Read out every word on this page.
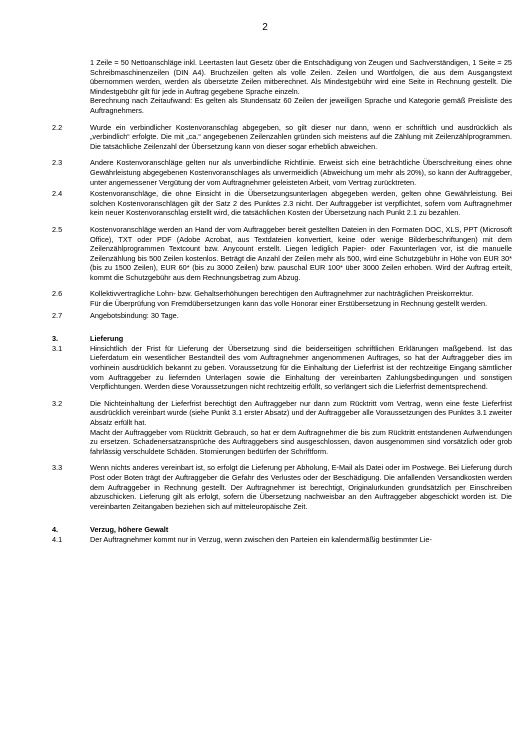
2

1 Zeile = 50 Nettoanschläge inkl. Leertasten laut Gesetz über die Entschädigung von Zeugen und Sachverständigen, 1 Seite = 25 Schreibmaschinenzeilen (DIN A4). Bruchzeilen gelten als volle Zeilen. Zeilen und Wortfolgen, die aus dem Ausgangstext übernommen werden, werden als übersetzte Zeilen mitberechnet. Als Mindestgebühr wird eine Seite in Rechnung gestellt. Die Mindestgebühr gilt für jede in Auftrag gegebene Sprache einzeln.

Berechnung nach Zeitaufwand: Es gelten als Stundensatz 60 Zeilen der jeweiligen Sprache und Kategorie gemäß Preisliste des Auftragnehmers.

2.2	Wurde ein verbindlicher Kostenvoranschlag abgegeben, so gilt dieser nur dann, wenn er schriftlich und ausdrücklich als „verbindlich“ erfolgte. Die mit „ca.“ angegebenen Zeilenzahlen gründen sich meistens auf die Zählung mit Zeilenzählprogrammen. Die tatsächliche Zeilenzahl der Übersetzung kann von dieser sogar erheblich abweichen.

2.3	Andere Kostenvoranschläge gelten nur als unverbindliche Richtlinie. Erweist sich eine beträchtliche Überschreitung eines ohne Gewährleistung abgegebenen Kostenvoranschlages als unvermeidlich (Abweichung um mehr als 20%), so kann der Auftraggeber, unter angemessener Vergütung der vom Auftragnehmer geleisteten Arbeit, vom Vertrag zurücktreten.

2.4	Kostenvoranschläge, die ohne Einsicht in die Übersetzungsunterlagen abgegeben werden, gelten ohne Gewährleistung. Bei solchen Kostenvoranschlägen gilt der Satz 2 des Punktes 2.3 nicht. Der Auftraggeber ist verpflichtet, sofern vom Auftragnehmer kein neuer Kostenvoranschlag erstellt wird, die tatsächlichen Kosten der Übersetzung nach Punkt 2.1 zu bezahlen.

2.5	Kostenvoranschläge werden an Hand der vom Auftraggeber bereit gestellten Dateien in den Formaten DOC, XLS, PPT (Microsoft Office), TXT oder PDF (Adobe Acrobat, aus Textdateien konvertiert, keine oder wenige Bilderbeschriftungen) mit dem Zeilenzählprogrammen Textcount bzw. Anycount erstellt. Liegen lediglich Papier- oder Faxunterlagen vor, ist die manuelle Zeilenzählung bis 500 Zeilen kostenlos. Beträgt die Anzahl der Zeilen mehr als 500, wird eine Schutzgebühr in Höhe von EUR 30* (bis zu 1500 Zeilen), EUR 60* (bis zu 3000 Zeilen) bzw. pauschal EUR 100* über 3000 Zeilen erhoben. Wird der Auftrag erteilt, kommt die Schutzgebühr aus dem Rechnungsbetrag zum Abzug.

2.6	Kollektivvertragliche Lohn- bzw. Gehaltserhöhungen berechtigen den Auftragnehmer zur nachträglichen Preiskorrektur.

Für die Überprüfung von Fremdübersetzungen kann das volle Honorar einer Erstübersetzung in Rechnung gestellt werden.

2.7	Angebotsbindung: 30 Tage.

3.	Lieferung
3.1	Hinsichtlich der Frist für Lieferung der Übersetzung sind die beiderseitigen schriftlichen Erklärungen maßgebend. Ist das Lieferdatum ein wesentlicher Bestandteil des vom Auftragnehmer angenommenen Auftrages, so hat der Auftraggeber dies im vorhinein ausdrücklich bekannt zu geben. Voraussetzung für die Einhaltung der Lieferfrist ist der rechtzeitige Eingang sämtlicher vom Auftraggeber zu liefernden Unterlagen sowie die Einhaltung der vereinbarten Zahlungsbedingungen und sonstigen Verpflichtungen. Werden diese Voraussetzungen nicht rechtzeitig erfüllt, so verlängert sich die Lieferfrist dementsprechend.

3.2	Die Nichteinhaltung der Lieferfrist berechtigt den Auftraggeber nur dann zum Rücktritt vom Vertrag, wenn eine feste Lieferfrist ausdrücklich vereinbart wurde (siehe Punkt 3.1 erster Absatz) und der Auftraggeber alle Voraussetzungen des Punktes 3.1 zweiter Absatz erfüllt hat.

Macht der Auftraggeber vom Rücktritt Gebrauch, so hat er dem Auftragnehmer die bis zum Rücktritt entstandenen Aufwendungen zu ersetzen. Schadenersatzansprüche des Auftraggebers sind ausgeschlossen, davon ausgenommen sind vorsätzlich oder grob fahrlässig verschuldete Schäden. Stornierungen bedürfen der Schriftform.

3.3	Wenn nichts anderes vereinbart ist, so erfolgt die Lieferung per Abholung, E-Mail als Datei oder im Postwege. Bei Lieferung durch Post oder Boten trägt der Auftraggeber die Gefahr des Verlustes oder der Beschädigung. Die anfallenden Versandkosten werden dem Auftraggeber in Rechnung gestellt. Der Auftragnehmer ist berechtigt, Originalurkunden grundsätzlich per Einschreiben abzuschicken. Lieferung gilt als erfolgt, sofern die Übersetzung nachweisbar an den Auftraggeber abgeschickt worden ist. Die vereinbarten Zeitangaben beziehen sich auf mitteleuropäische Zeit.

4.	Verzug, höhere Gewalt
4.1	Der Auftragnehmer kommt nur in Verzug, wenn zwischen den Parteien ein kalendermäßig bestimmter Lie-
